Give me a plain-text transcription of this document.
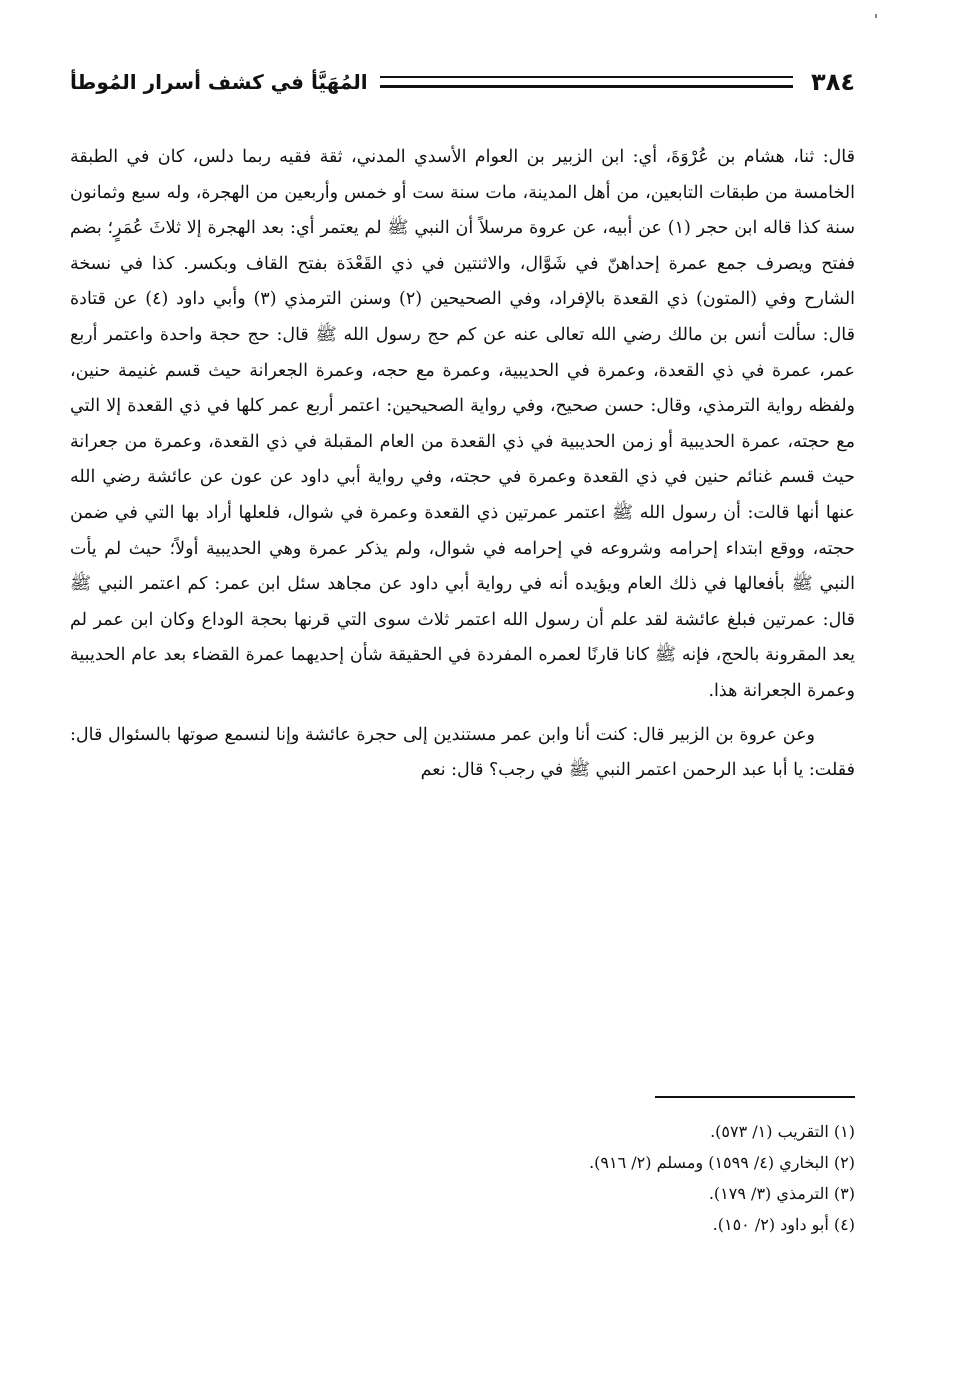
٣٨٤
المُهَيَّأ في كشف أسرار المُوطأ

قال: ثنا، هشام بن عُرْوَةَ، أي: ابن الزبير بن العوام الأسدي المدني، ثقة فقيه ربما دلس، كان في الطبقة الخامسة من طبقات التابعين، من أهل المدينة، مات سنة ست أو خمس وأربعين من الهجرة، وله سبع وثمانون سنة كذا قاله ابن حجر (١) عن أبيه، عن عروة مرسلاً أن النبي ﷺ لم يعتمر أي: بعد الهجرة إلا ثلاثَ عُمَرٍ؛ بضم ففتح ويصرف جمع عمرة إحداهنّ في شَوَّال، والاثنتين في ذي القَعْدَة بفتح القاف وبكسر. كذا في نسخة الشارح وفي (المتون) ذي القعدة بالإفراد، وفي الصحيحين (٢) وسنن الترمذي (٣) وأبي داود (٤) عن قتادة قال: سألت أنس بن مالك رضي الله تعالى عنه عن كم حج رسول الله ﷺ قال: حج حجة واحدة واعتمر أربع عمر، عمرة في ذي القعدة، وعمرة في الحديبية، وعمرة مع حجه، وعمرة الجعرانة حيث قسم غنيمة حنين، ولفظه رواية الترمذي، وقال: حسن صحيح، وفي رواية الصحيحين: اعتمر أربع عمر كلها في ذي القعدة إلا التي مع حجته، عمرة الحديبية أو زمن الحديبية في ذي القعدة من العام المقبلة في ذي القعدة، وعمرة من جعرانة حيث قسم غنائم حنين في ذي القعدة وعمرة في حجته، وفي رواية أبي داود عن عون عن عائشة رضي الله عنها أنها قالت: أن رسول الله ﷺ اعتمر عمرتين ذي القعدة وعمرة في شوال، فلعلها أراد بها التي في ضمن حجته، ووقع ابتداء إحرامه وشروعه في إحرامه في شوال، ولم يذكر عمرة وهي الحديبية أولاً؛ حيث لم يأت النبي ﷺ بأفعالها في ذلك العام ويؤيده أنه في رواية أبي داود عن مجاهد سئل ابن عمر: كم اعتمر النبي ﷺ قال: عمرتين فبلغ عائشة لقد علم أن رسول الله اعتمر ثلاث سوى التي قرنها بحجة الوداع وكان ابن عمر لم يعد المقرونة بالحج، فإنه ﷺ كانا قارنًا لعمره المفردة في الحقيقة شأن إحديهما عمرة القضاء بعد عام الحديبية وعمرة الجعرانة هذا.

وعن عروة بن الزبير قال: كنت أنا وابن عمر مستندين إلى حجرة عائشة وإنا لنسمع صوتها بالسئوال قال: فقلت: يا أبا عبد الرحمن اعتمر النبي ﷺ في رجب؟ قال: نعم

(١) التقريب (١/ ٥٧٣).

(٢) البخاري (٤/ ١٥٩٩) ومسلم (٢/ ٩١٦).

(٣) الترمذي (٣/ ١٧٩).

(٤) أبو داود (٢/ ١٥٠).
